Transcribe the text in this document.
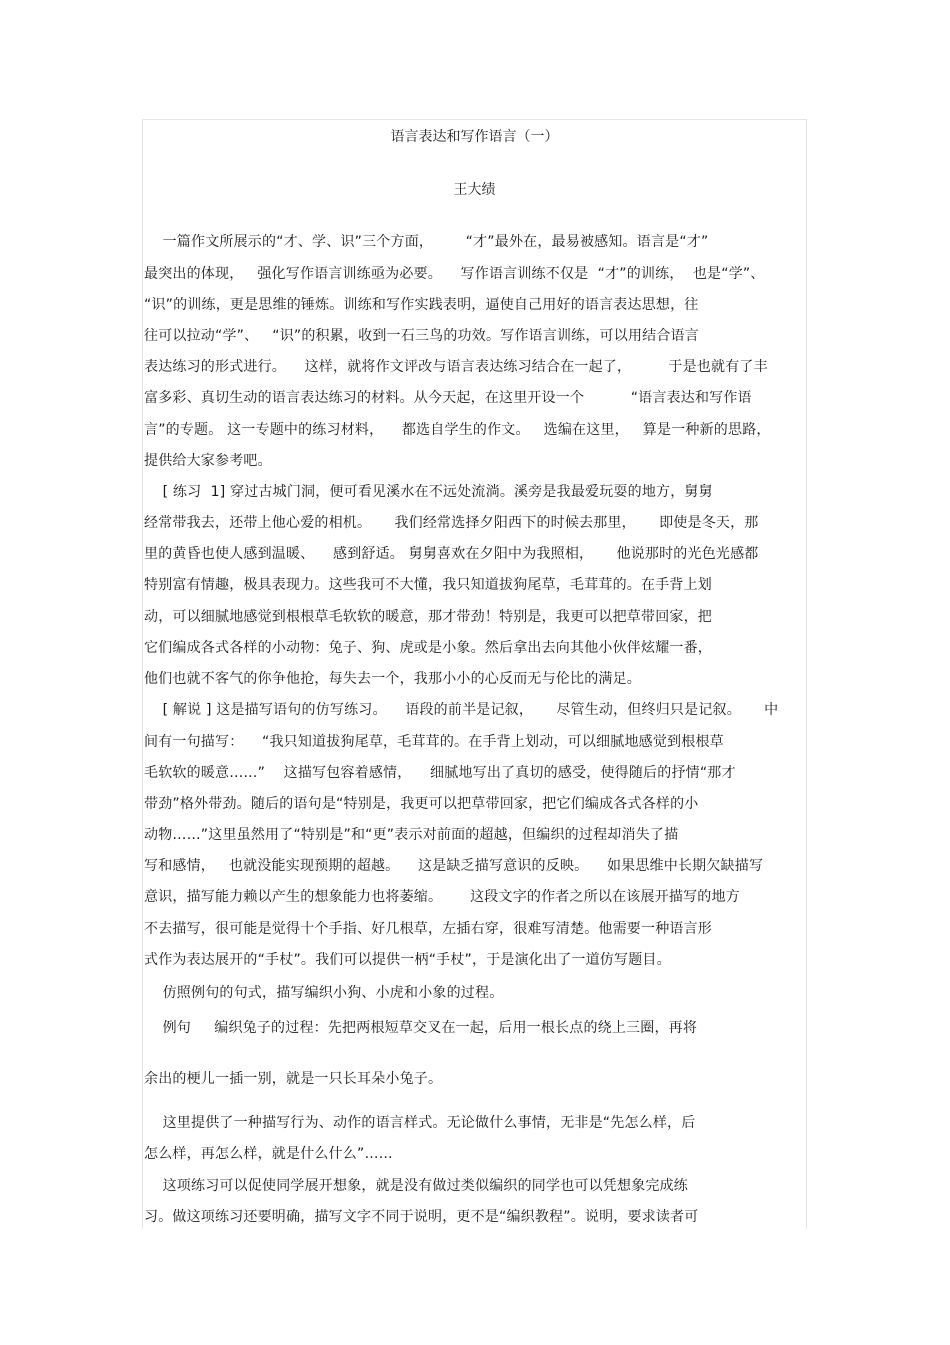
语言表达和写作语言（一）
王大绩
一篇作文所展示的“才、学、识”三个方面，       “才”最外在，最易被感知。语言是“才”
最突出的体现，   强化写作语言训练亟为必要。    写作语言训练不仅是  “才”的训练，  也是“学”、
“识”的训练，更是思维的锤炼。训练和写作实践表明，逼使自己用好的语言表达思想，往
往可以拉动“学”、   “识”的积累，收到一石三鸟的功效。写作语言训练，可以用结合语言
表达练习的形式进行。    这样，就将作文评改与语言表达练习结合在一起了，        于是也就有了丰
富多彩、真切生动的语言表达练习的材料。从今天起，在这里开设一个          “语言表达和写作语
言”的专题。 这一专题中的练习材料，    都选自学生的作文。   选编在这里，   算是一种新的思路，
提供给大家参考吧。
[ 练习  1] 穿过古城门洞，便可看见溪水在不远处流淌。溪旁是我最爱玩耍的地方，舅舅
经常带我去，还带上他心爱的相机。     我们经常选择夕阳西下的时候去那里，     即使是冬天，那
里的黄昏也使人感到温暖、    感到舒适。 舅舅喜欢在夕阳中为我照相，     他说那时的光色光感都
特别富有情趣，极具表现力。这些我可不大懂，我只知道拔狗尾草，毛茸茸的。在手背上划
动，可以细腻地感觉到根根草毛软软的暖意，那才带劲！特别是，我更可以把草带回家，把
它们编成各式各样的小动物：兔子、狗、虎或是小象。然后拿出去向其他小伙伴炫耀一番，
他们也就不客气的你争他抢，每失去一个，我那小小的心反而无与伦比的满足。
[ 解说 ] 这是描写语句的仿写练习。    语段的前半是记叙，     尽管生动，但终归只是记叙。     中
间有一句描写：    “我只知道拔狗尾草，毛茸茸的。在手背上划动，可以细腻地感觉到根根草
毛软软的暖意……”    这描写包容着感情，    细腻地写出了真切的感受，使得随后的抒情“那才
带劲”格外带劲。随后的语句是“特别是，我更可以把草带回家，把它们编成各式各样的小
动物……”这里虽然用了“特别是”和“更”表示对前面的超越，但编织的过程却消失了描
写和感情，   也就没能实现预期的超越。    这是缺乏描写意识的反映。    如果思维中长期欠缺描写
意识，描写能力赖以产生的想象能力也将萎缩。      这段文字的作者之所以在该展开描写的地方
不去描写，很可能是觉得十个手指、好几根草，左插右穿，很难写清楚。他需要一种语言形
式作为表达展开的“手杖”。我们可以提供一柄“手杖”，于是演化出了一道仿写题目。
仿照例句的句式，描写编织小狗、小虎和小象的过程。
例句     编织兔子的过程：先把两根短草交叉在一起，后用一根长点的绕上三圈，再将
余出的梗儿一插一别，就是一只长耳朵小兔子。
这里提供了一种描写行为、动作的语言样式。无论做什么事情，无非是“先怎么样，后
怎么样，再怎么样，就是什么什么”……
这项练习可以促使同学展开想象，就是没有做过类似编织的同学也可以凭想象完成练
习。做这项练习还要明确，描写文字不同于说明，更不是“编织教程”。说明，要求读者可
